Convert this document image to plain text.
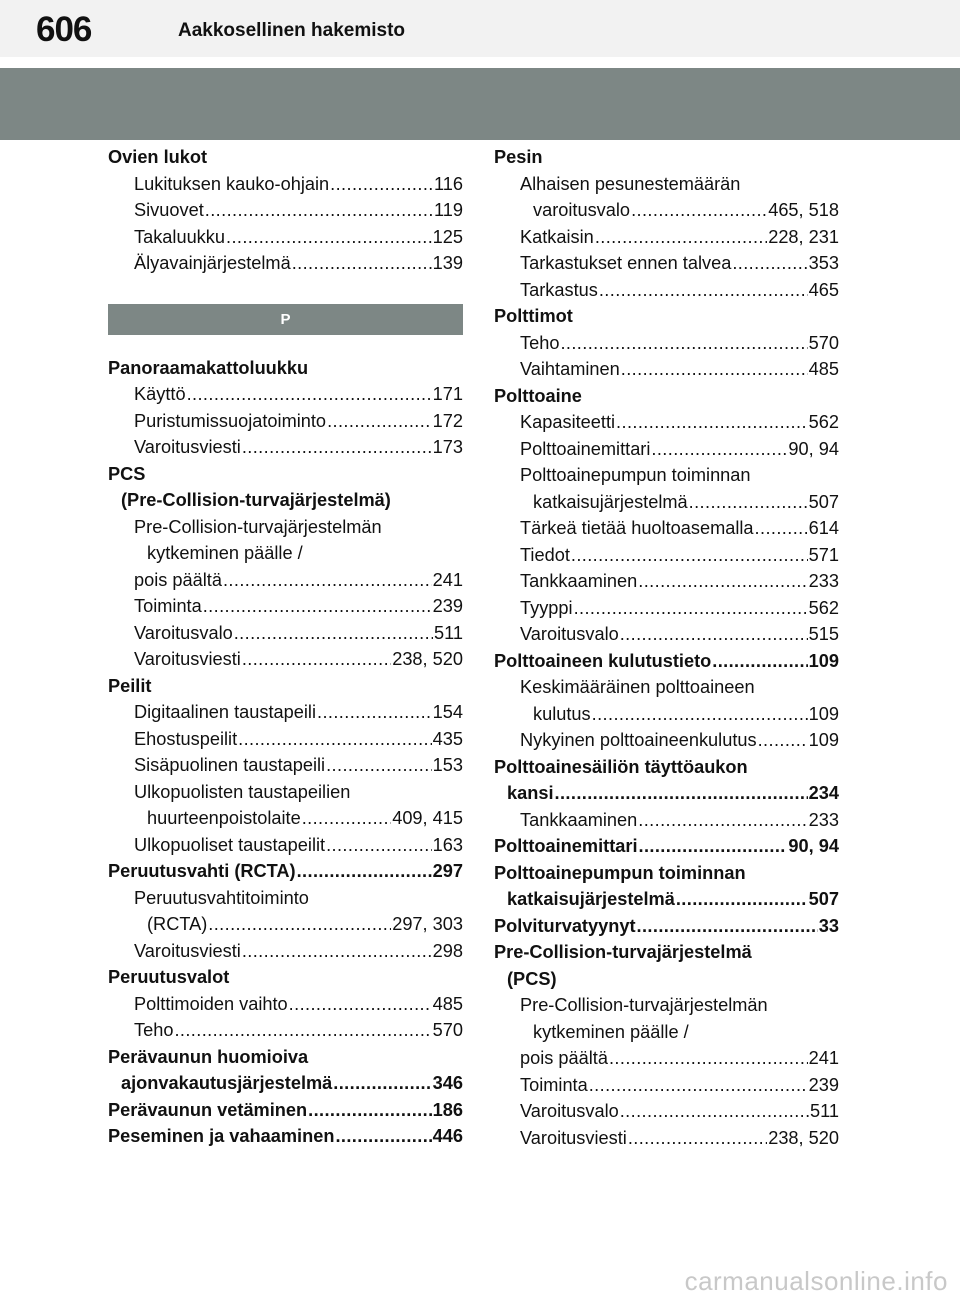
606	Aakkosellinen hakemisto
Ovien lukot
Lukituksen kauko-ohjain .....	116
Sivuovet .....	119
Takaluukku .....	125
Älyavainjärjestelmä .....	139
P
Panoraamakattoluukku
Käyttö .....	171
Puristumissuojatoiminto .....	172
Varoitusviesti .....	173
PCS
(Pre-Collision-turvajärjestelmä)
Pre-Collision-turvajärjestelmän
kytkeminen päälle /
pois päältä .....	241
Toiminta .....	239
Varoitusvalo .....	511
Varoitusviesti .....	238, 520
Peilit
Digitaalinen taustapeili .....	154
Ehostuspeilit .....	435
Sisäpuolinen taustapeili .....	153
Ulkopuolisten taustapeilien
huurteenpoistolaite .....	409, 415
Ulkopuoliset taustapeilit .....	163
Peruutusvahti (RCTA) .....	297
Peruutusvahtitoiminto
(RCTA) .....	297, 303
Varoitusviesti .....	298
Peruutusvalot
Polttimoiden vaihto .....	485
Teho .....	570
Perävaunun huomioiva
ajonvakautusjärjestelmä .....	346
Perävaunun vetäminen .....	186
Peseminen ja vahaaminen .....	446
Pesin
Alhaisen pesunestemäärän
varoitusvalo .....	465, 518
Katkaisin .....	228, 231
Tarkastukset ennen talvea .....	353
Tarkastus .....	465
Polttimot
Teho .....	570
Vaihtaminen .....	485
Polttoaine
Kapasiteetti .....	562
Polttoainemittari .....	90, 94
Polttoainepumpun toiminnan
katkaisujärjestelmä .....	507
Tärkeä tietää huoltoasemalla .....	614
Tiedot .....	571
Tankkaaminen .....	233
Tyyppi .....	562
Varoitusvalo .....	515
Polttoaineen kulutustieto .....	109
Keskimääräinen polttoaineen
kulutus .....	109
Nykyinen polttoaineenkulutus .....	109
Polttoainesäiliön täyttöaukon
kansi .....	234
Tankkaaminen .....	233
Polttoainemittari .....	90, 94
Polttoainepumpun toiminnan
katkaisujärjestelmä .....	507
Polviturvatyynyt .....	33
Pre-Collision-turvajärjestelmä
(PCS)
Pre-Collision-turvajärjestelmän
kytkeminen päälle /
pois päältä .....	241
Toiminta .....	239
Varoitusvalo .....	511
Varoitusviesti .....	238, 520
carmanualsonline.info
